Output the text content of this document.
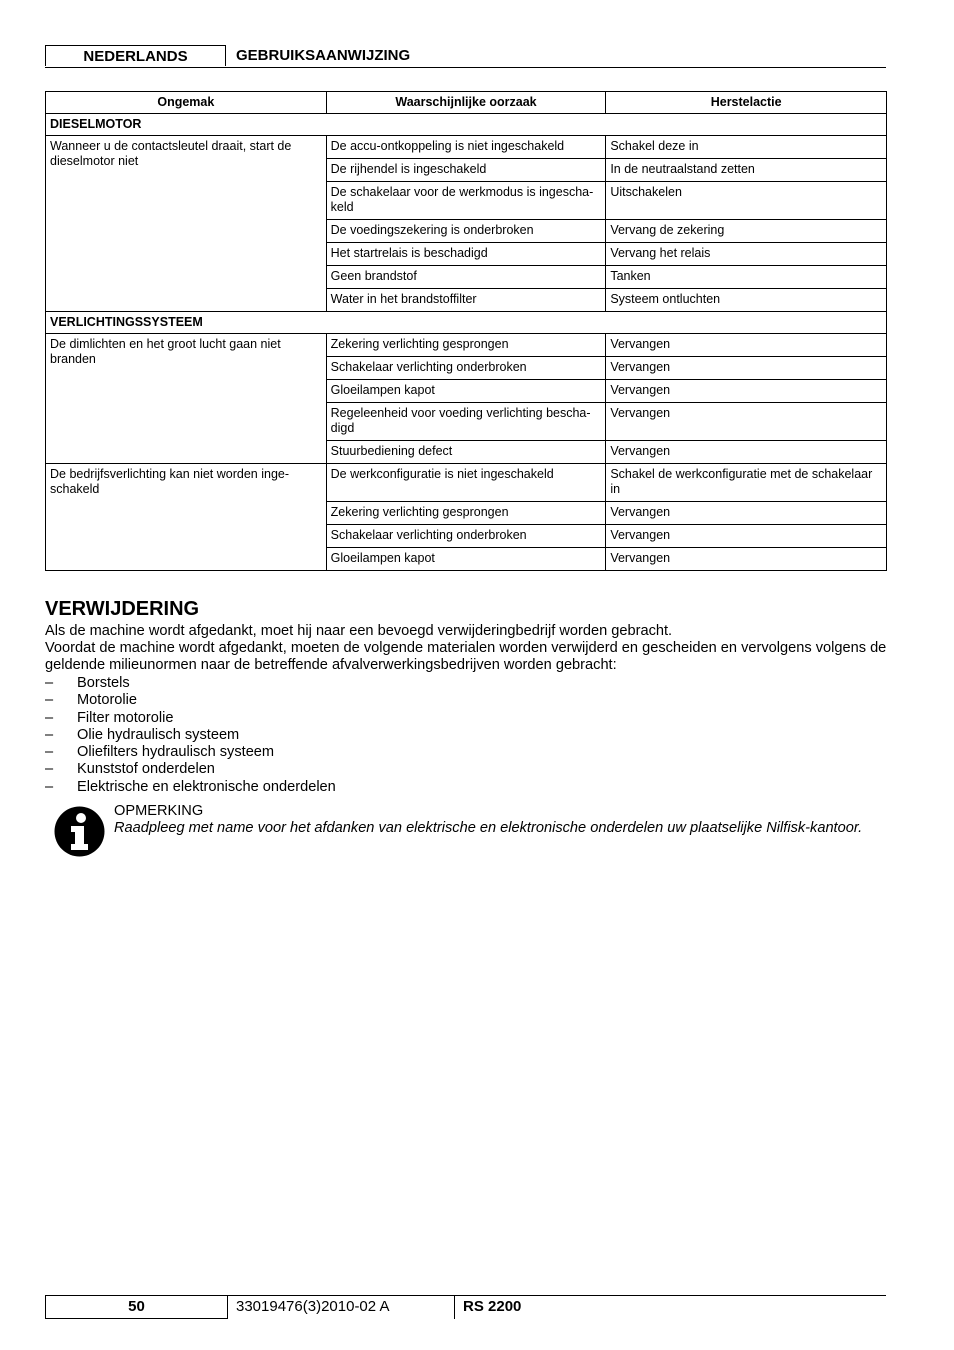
NEDERLANDS	GEBRUIKSAANWIJZING
Ongemak	Waarschijnlijke oorzaak	Herstelactie
DIESELMOTOR		
Wanneer u de contactsleutel draait, start de dieselmotor niet	De accu-ontkoppeling is niet ingeschakeld	Schakel deze in
	De rijhendel is ingeschakeld	In de neutraalstand zetten
	De schakelaar voor de werkmodus is ingescha-keld	Uitschakelen
	De voedingszekering is onderbroken	Vervang de zekering
	Het startrelais is beschadigd	Vervang het relais
	Geen brandstof	Tanken
	Water in het brandstoffilter	Systeem ontluchten
VERLICHTINGSSYSTEEM		
De dimlichten en het groot lucht gaan niet branden	Zekering verlichting gesprongen	Vervangen
	Schakelaar verlichting onderbroken	Vervangen
	Gloeilampen kapot	Vervangen
	Regeleenheid voor voeding verlichting bescha-digd	Vervangen
	Stuurbediening defect	Vervangen
De bedrijfsverlichting kan niet worden inge-schakeld	De werkconfiguratie is niet ingeschakeld	Schakel de werkconfiguratie met de schakelaar in
	Zekering verlichting gesprongen	Vervangen
	Schakelaar verlichting onderbroken	Vervangen
	Gloeilampen kapot	Vervangen
VERWIJDERING
Als de machine wordt afgedankt, moet hij naar een bevoegd verwijderingbedrijf worden gebracht.
Voordat de machine wordt afgedankt, moeten de volgende materialen worden verwijderd en gescheiden en vervolgens volgens de geldende milieunormen naar de betreffende afvalverwerkingsbedrijven worden gebracht:
– Borstels
– Motorolie
– Filter motorolie
– Olie hydraulisch systeem
– Oliefilters hydraulisch systeem
– Kunststof onderdelen
– Elektrische en elektronische onderdelen
OPMERKING
Raadpleeg met name voor het afdanken van elektrische en elektronische onderdelen uw plaatselijke Nilfisk-kantoor.
50	33019476(3)2010-02 A	RS 2200
